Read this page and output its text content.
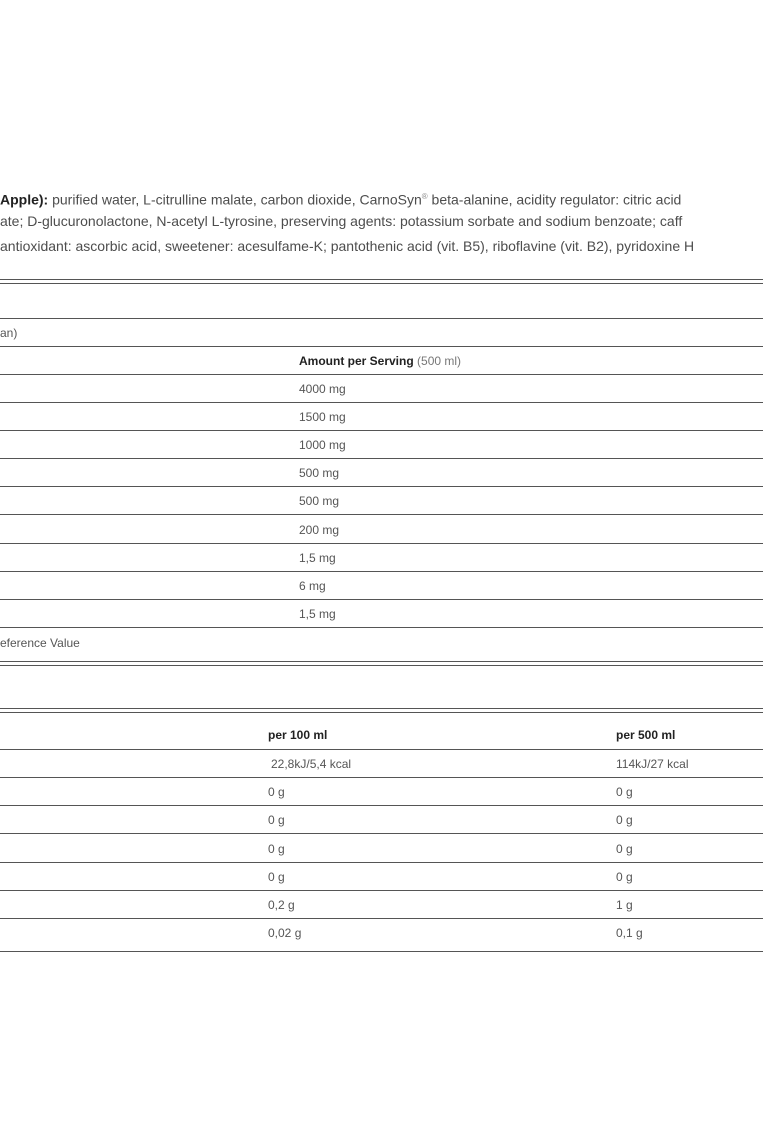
Apple): purified water, L-citrulline malate, carbon dioxide, CarnoSyn® beta-alanine, acidity regulator: citric acid
ate; D-glucuronolactone, N-acetyl L-tyrosine, preserving agents: potassium sorbate and sodium benzoate; caff
antioxidant: ascorbic acid, sweetener: acesulfame-K; pantothenic acid (vit. B5), riboflavine (vit. B2), pyridoxine H
an)
Amount per Serving (500 ml)
4000 mg
1500 mg
1000 mg
500 mg
500 mg
200 mg
1,5 mg
6 mg
1,5 mg
eference Value
per 100 ml	per 500 ml
22,8kJ/5,4 kcal	114kJ/27 kcal
0 g	0 g
0 g	0 g
0 g	0 g
0 g	0 g
0,2 g	1 g
0,02 g	0,1 g
